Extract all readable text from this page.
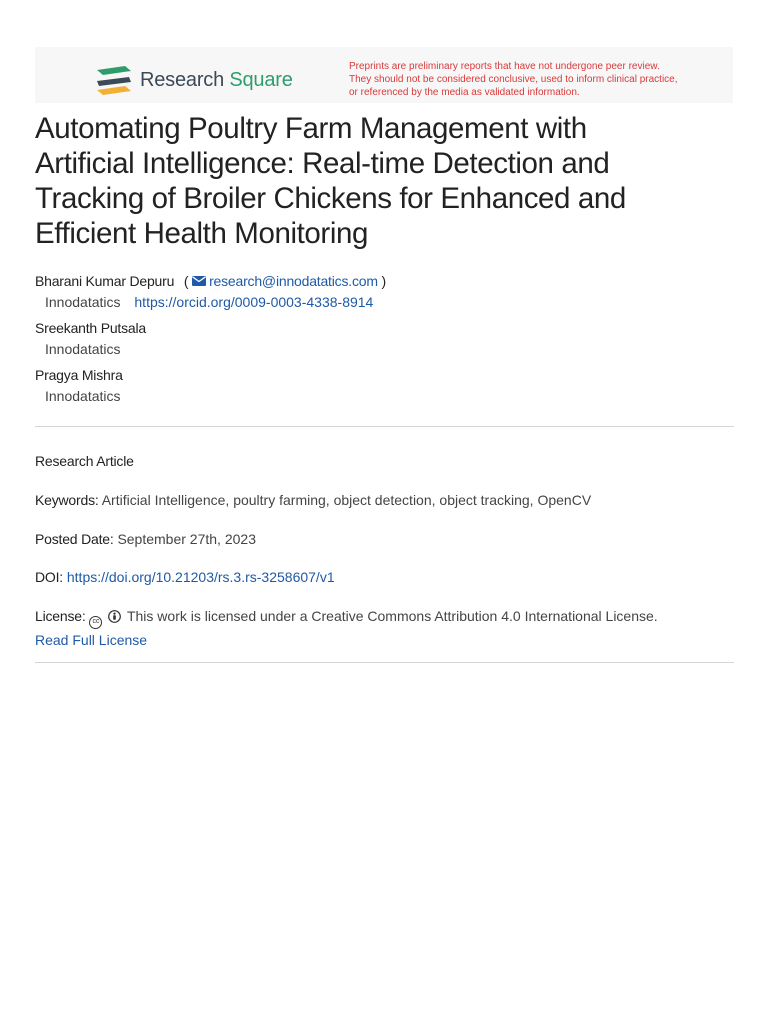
Research Square
Preprints are preliminary reports that have not undergone peer review.
They should not be considered conclusive, used to inform clinical practice,
or referenced by the media as validated information.
Automating Poultry Farm Management with
Artificial Intelligence: Real-time Detection and
Tracking of Broiler Chickens for Enhanced and
Efficient Health Monitoring
Bharani Kumar Depuru ( research@innodatatics.com )
Innodatatics https://orcid.org/0009-0003-4338-8914
Sreekanth Putsala
Innodatatics
Pragya Mishra
Innodatatics
Research Article
Keywords: Artificial Intelligence, poultry farming, object detection, object tracking, OpenCV
Posted Date: September 27th, 2023
DOI: https://doi.org/10.21203/rs.3.rs-3258607/v1
License: cc This work is licensed under a Creative Commons Attribution 4.0 International License.
Read Full License
